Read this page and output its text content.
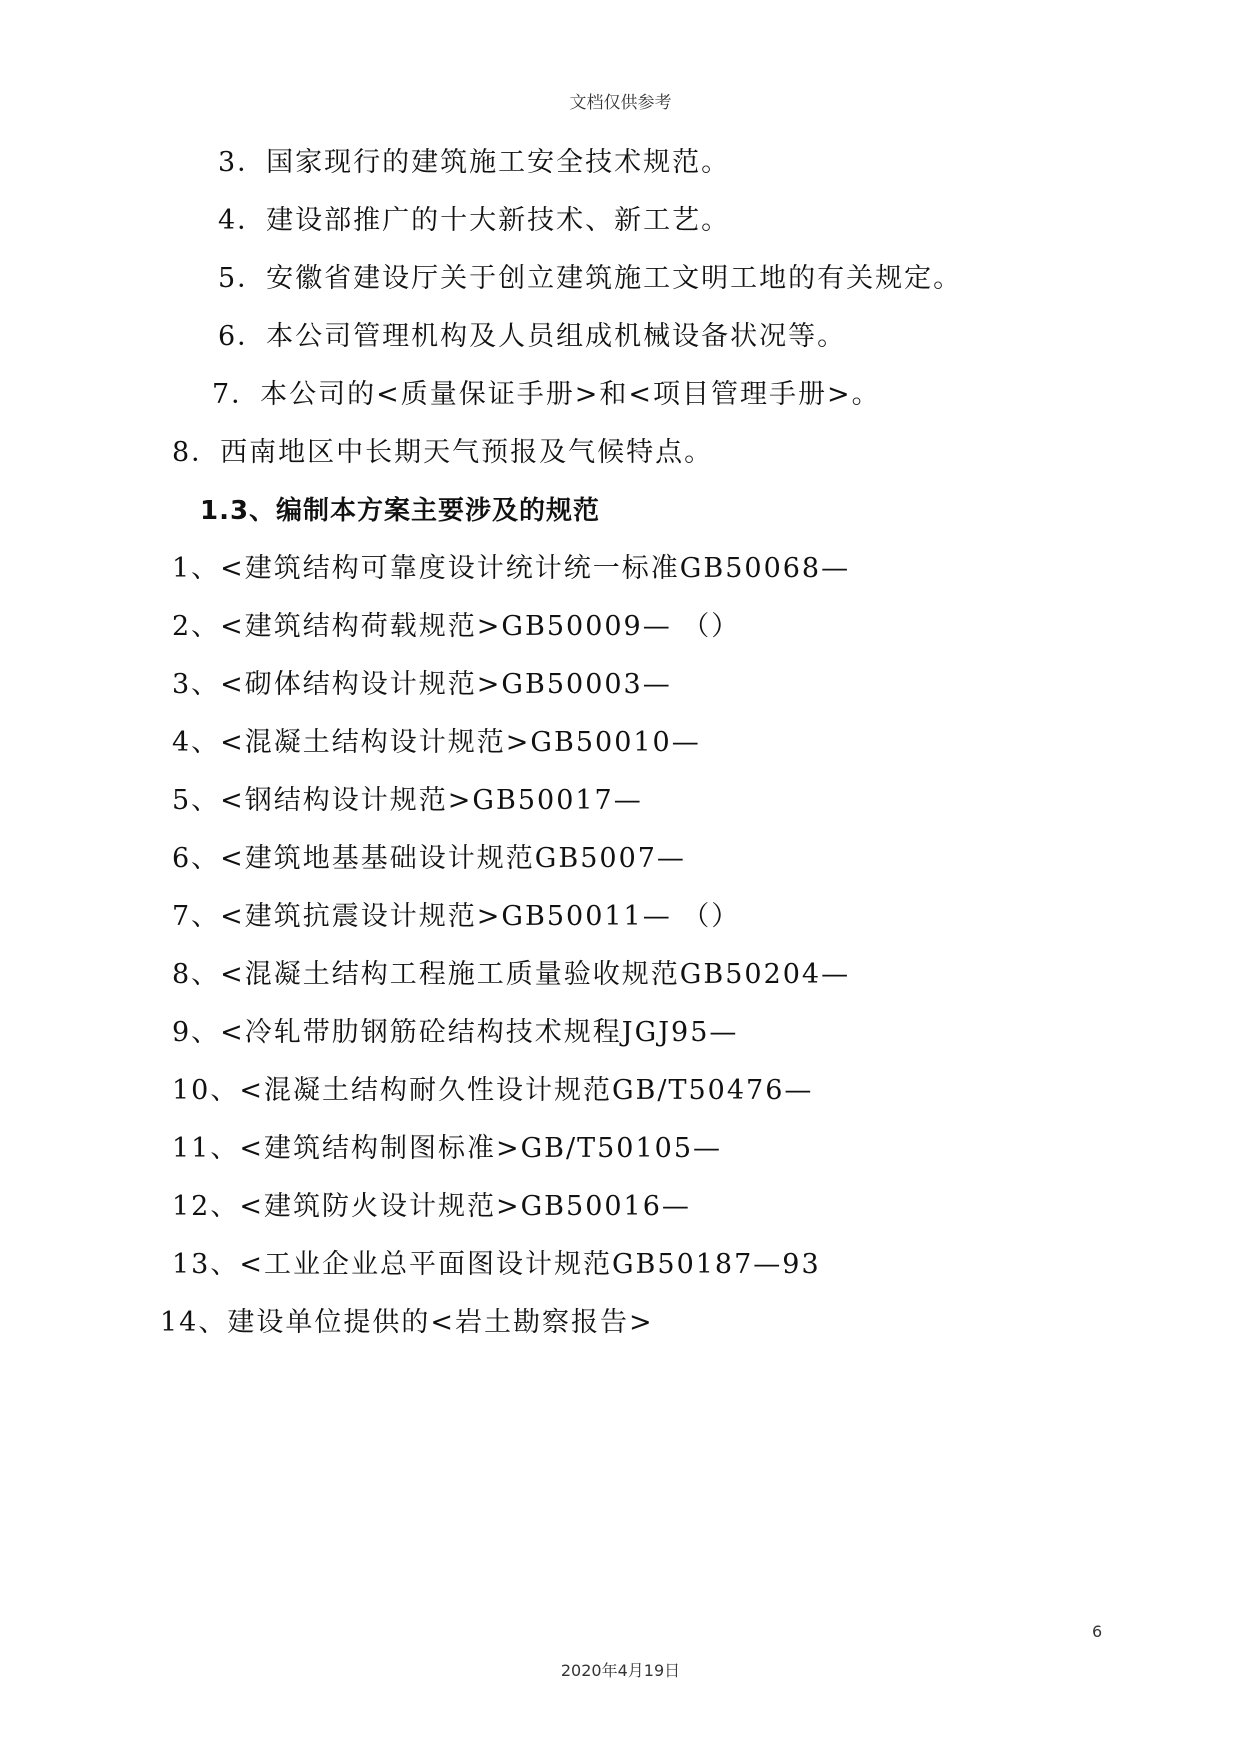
文档仅供参考
3．国家现行的建筑施工安全技术规范。
4．建设部推广的十大新技术、新工艺。
5．安徽省建设厅关于创立建筑施工文明工地的有关规定。
6．本公司管理机构及人员组成机械设备状况等。
7．本公司的<质量保证手册>和<项目管理手册>。
8．西南地区中长期天气预报及气候特点。
1.3、编制本方案主要涉及的规范
1、<建筑结构可靠度设计统计统一标准GB50068—
2、<建筑结构荷载规范>GB50009— （）
3、<砌体结构设计规范>GB50003—
4、<混凝土结构设计规范>GB50010—
5、<钢结构设计规范>GB50017—
6、<建筑地基基础设计规范GB5007—
7、<建筑抗震设计规范>GB50011— （）
8、<混凝土结构工程施工质量验收规范GB50204—
9、<冷轧带肋钢筋砼结构技术规程JGJ95—
10、<混凝土结构耐久性设计规范GB/T50476—
11、<建筑结构制图标准>GB/T50105—
12、<建筑防火设计规范>GB50016—
13、<工业企业总平面图设计规范GB50187—93
14、建设单位提供的<岩土勘察报告>
6
2020年4月19日
